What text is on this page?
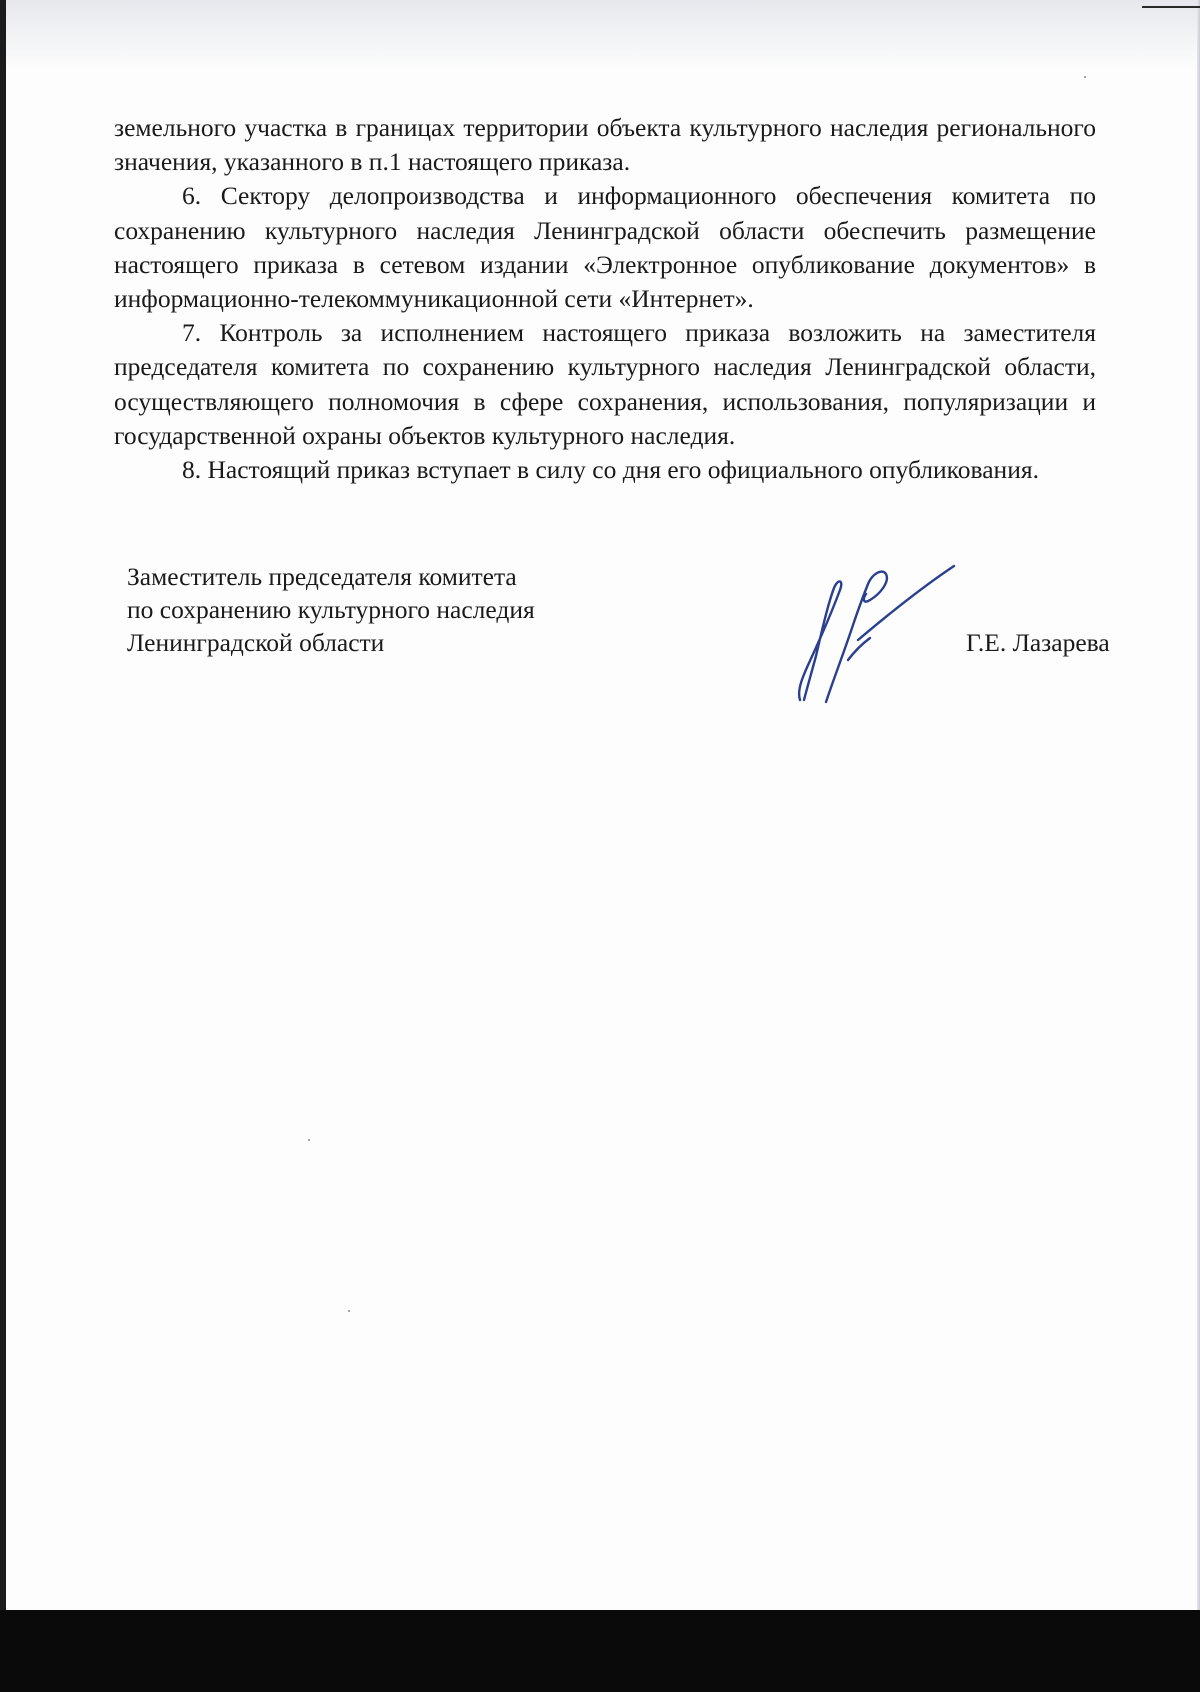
земельного участка в границах территории объекта культурного наследия регионального значения, указанного в п.1 настоящего приказа.

6. Сектору делопроизводства и информационного обеспечения комитета по сохранению культурного наследия Ленинградской области обеспечить размещение настоящего приказа в сетевом издании «Электронное опубликование документов» в информационно-телекоммуникационной сети «Интернет».

7. Контроль за исполнением настоящего приказа возложить на заместителя председателя комитета по сохранению культурного наследия Ленинградской области, осуществляющего полномочия в сфере сохранения, использования, популяризации и государственной охраны объектов культурного наследия.

8. Настоящий приказ вступает в силу со дня его официального опубликования.

Заместитель председателя комитета
по сохранению культурного наследия
Ленинградской области	Г.Е. Лазарева
